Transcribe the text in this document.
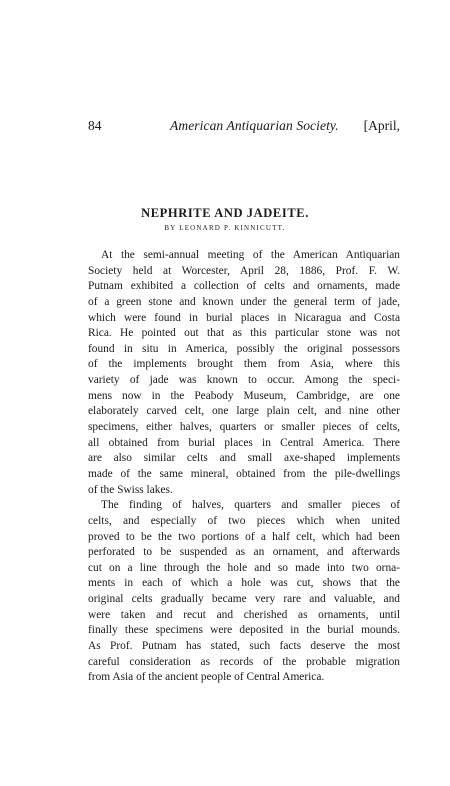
84	American Antiquarian Society. [April,
NEPHRITE AND JADEITE.
BY LEONARD P. KINNICUTT.
At the semi-annual meeting of the American Antiquarian
Society held at Worcester, April 28, 1886, Prof. F. W.
Putnam exhibited a collection of celts and ornaments, made
of a green stone and known under the general term of jade,
which were found in burial places in Nicaragua and Costa
Rica. He pointed out that as this particular stone was not
found in situ in America, possibly the original possessors
of the implements brought them from Asia, where this
variety of jade was known to occur. Among the speci-
mens now in the Peabody Museum, Cambridge, are one
elaborately carved celt, one large plain celt, and nine other
specimens, either halves, quarters or smaller pieces of celts,
all obtained from burial places in Central America. There
are also similar celts and small axe-shaped implements
made of the same mineral, obtained from the pile-dwellings
of the Swiss lakes.
The finding of halves, quarters and smaller pieces of
celts, and especially of two pieces which when united
proved to be the two portions of a half celt, which had been
perforated to be suspended as an ornament, and afterwards
cut on a line through the hole and so made into two orna-
ments in each of which a hole was cut, shows that the
original celts gradually became very rare and valuable, and
were taken and recut and cherished as ornaments, until
finally these specimens were deposited in the burial mounds.
As Prof. Putnam has stated, such facts deserve the most
careful consideration as records of the probable migration
from Asia of the ancient people of Central America.
